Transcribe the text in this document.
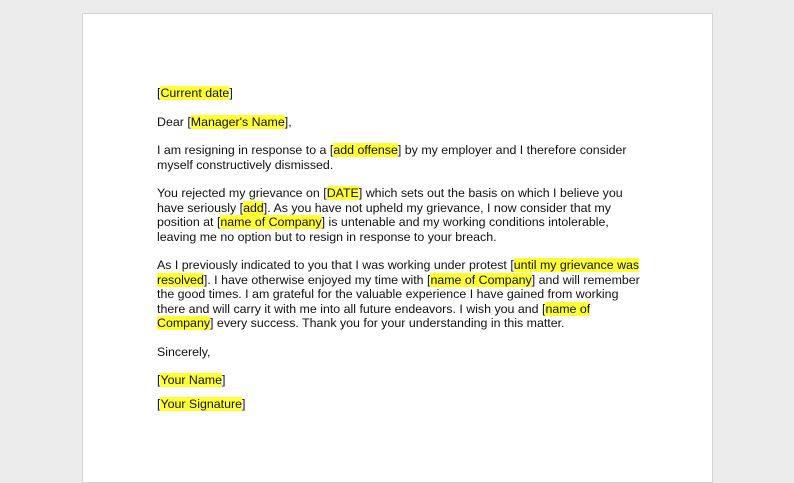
[Current date]

Dear [Manager's Name],

I am resigning in response to a [add offense] by my employer and I therefore consider myself constructively dismissed.

You rejected my grievance on [DATE] which sets out the basis on which I believe you have seriously [add]. As you have not upheld my grievance, I now consider that my position at [name of Company] is untenable and my working conditions intolerable, leaving me no option but to resign in response to your breach.

As I previously indicated to you that I was working under protest [until my grievance was resolved]. I have otherwise enjoyed my time with [name of Company] and will remember the good times. I am grateful for the valuable experience I have gained from working there and will carry it with me into all future endeavors. I wish you and [name of Company] every success. Thank you for your understanding in this matter.

Sincerely,

[Your Name]

[Your Signature]
